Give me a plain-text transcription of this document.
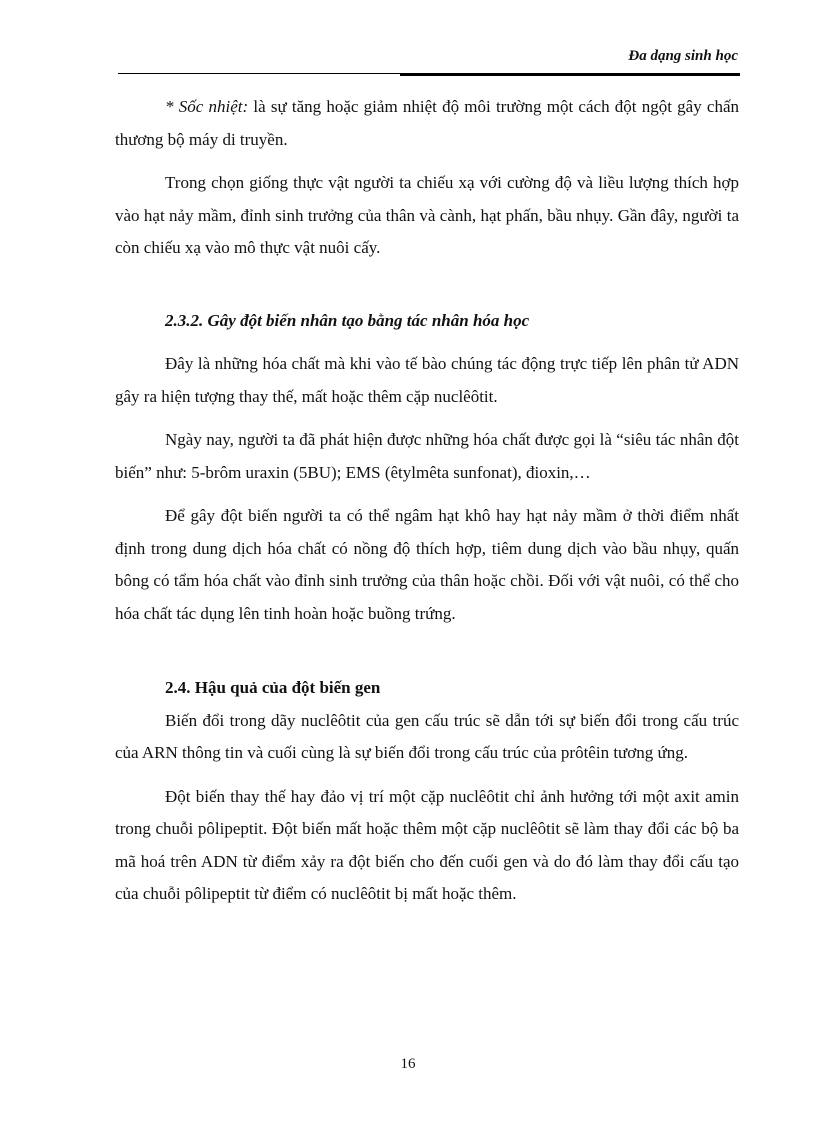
Đa dạng sinh học

* Sốc nhiệt: là sự tăng hoặc giảm nhiệt độ môi trường một cách đột ngột gây chấn thương bộ máy di truyền.

Trong chọn giống thực vật người ta chiếu xạ với cường độ và liều lượng thích hợp vào hạt nảy mầm, đỉnh sinh trưởng của thân và cành, hạt phấn, bầu nhụy. Gần đây, người ta còn chiếu xạ vào mô thực vật nuôi cấy.

2.3.2. Gây đột biến nhân tạo bằng tác nhân hóa học

Đây là những hóa chất mà khi vào tế bào chúng tác động trực tiếp lên phân tử ADN gây ra hiện tượng thay thế, mất hoặc thêm cặp nuclêôtit.

Ngày nay, người ta đã phát hiện được những hóa chất được gọi là “siêu tác nhân đột biến” như: 5-brôm uraxin (5BU); EMS (êtylmêta sunfonat), đioxin,…

Để gây đột biến người ta có thể ngâm hạt khô hay hạt nảy mầm ở thời điểm nhất định trong dung dịch hóa chất có nồng độ thích hợp, tiêm dung dịch vào bầu nhụy, quấn bông có tẩm hóa chất vào đỉnh sinh trưởng của thân hoặc chồi. Đối với vật nuôi, có thể cho hóa chất tác dụng lên tinh hoàn hoặc buồng trứng.

2.4. Hậu quả của đột biến gen

Biến đổi trong dãy nuclêôtit của gen cấu trúc sẽ dẫn tới sự biến đổi trong cấu trúc của ARN thông tin và cuối cùng là sự biến đổi trong cấu trúc của prôtêin tương ứng.

Đột biến thay thế hay đảo vị trí một cặp nuclêôtit chỉ ảnh hưởng tới một axit amin trong chuỗi pôlipeptit. Đột biến mất hoặc thêm một cặp nuclêôtit sẽ làm thay đổi các bộ ba mã hoá trên ADN từ điểm xảy ra đột biến cho đến cuối gen và do đó làm thay đổi cấu tạo của chuỗi pôlipeptit từ điểm có nuclêôtit bị mất hoặc thêm.

16
